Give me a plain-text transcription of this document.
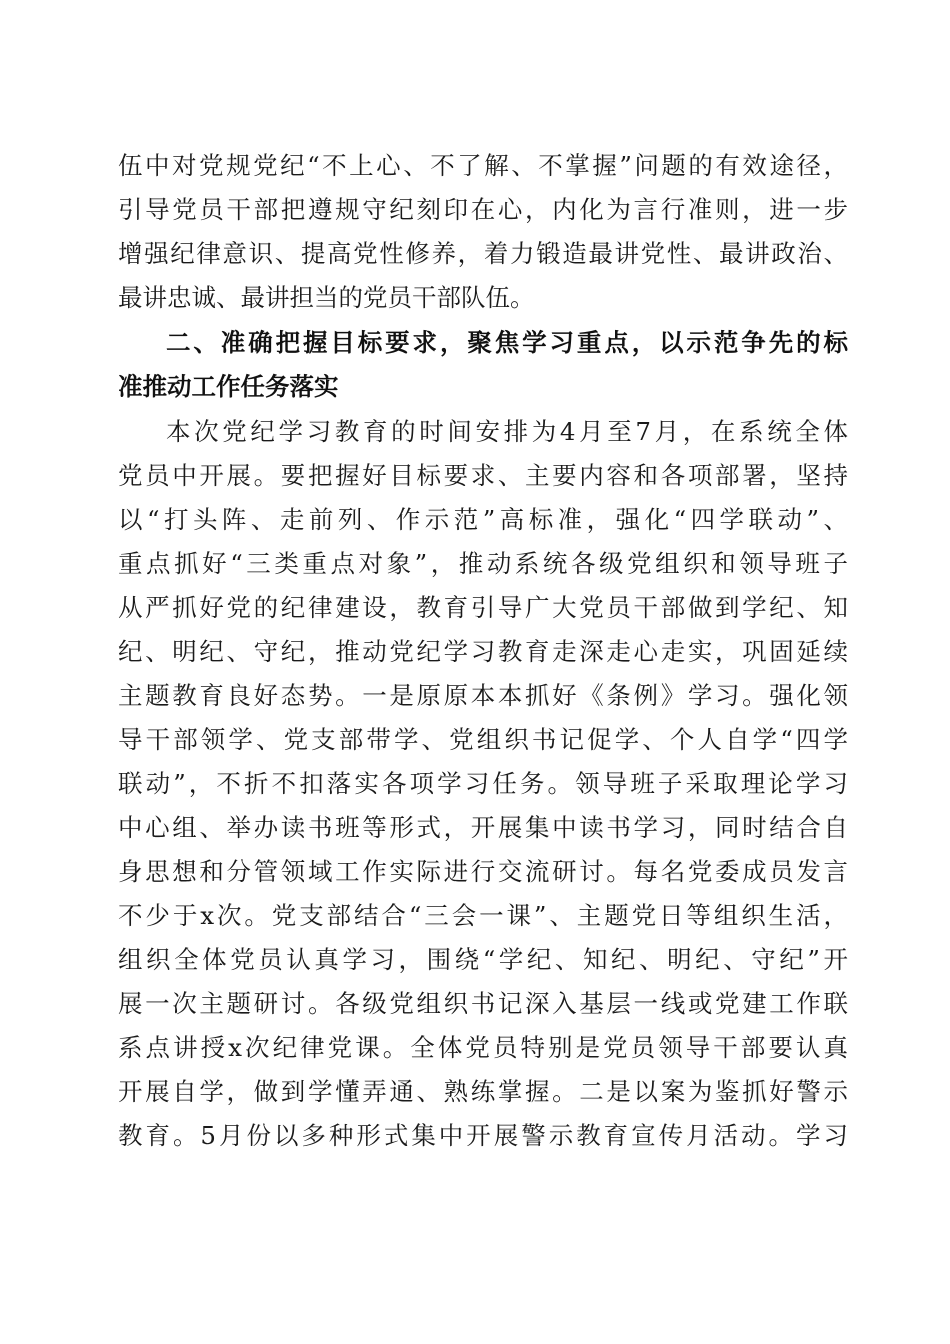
伍中对党规党纪“不上心、不了解、不掌握”问题的有效途径，
引导党员干部把遵规守纪刻印在心，内化为言行准则，进一步
增强纪律意识、提高党性修养，着力锻造最讲党性、最讲政治、
最讲忠诚、最讲担当的党员干部队伍。
二、准确把握目标要求，聚焦学习重点，以示范争先的标
准推动工作任务落实
本次党纪学习教育的时间安排为4月至7月，在系统全体
党员中开展。要把握好目标要求、主要内容和各项部署，坚持
以“打头阵、走前列、作示范”高标准，强化“四学联动”、
重点抓好“三类重点对象”，推动系统各级党组织和领导班子
从严抓好党的纪律建设，教育引导广大党员干部做到学纪、知
纪、明纪、守纪，推动党纪学习教育走深走心走实，巩固延续
主题教育良好态势。一是原原本本抓好《条例》学习。强化领
导干部领学、党支部带学、党组织书记促学、个人自学“四学
联动”，不折不扣落实各项学习任务。领导班子采取理论学习
中心组、举办读书班等形式，开展集中读书学习，同时结合自
身思想和分管领域工作实际进行交流研讨。每名党委成员发言
不少于x次。党支部结合“三会一课”、主题党日等组织生活，
组织全体党员认真学习，围绕“学纪、知纪、明纪、守纪”开
展一次主题研讨。各级党组织书记深入基层一线或党建工作联
系点讲授x次纪律党课。全体党员特别是党员领导干部要认真
开展自学，做到学懂弄通、熟练掌握。二是以案为鉴抓好警示
教育。5月份以多种形式集中开展警示教育宣传月活动。学习
